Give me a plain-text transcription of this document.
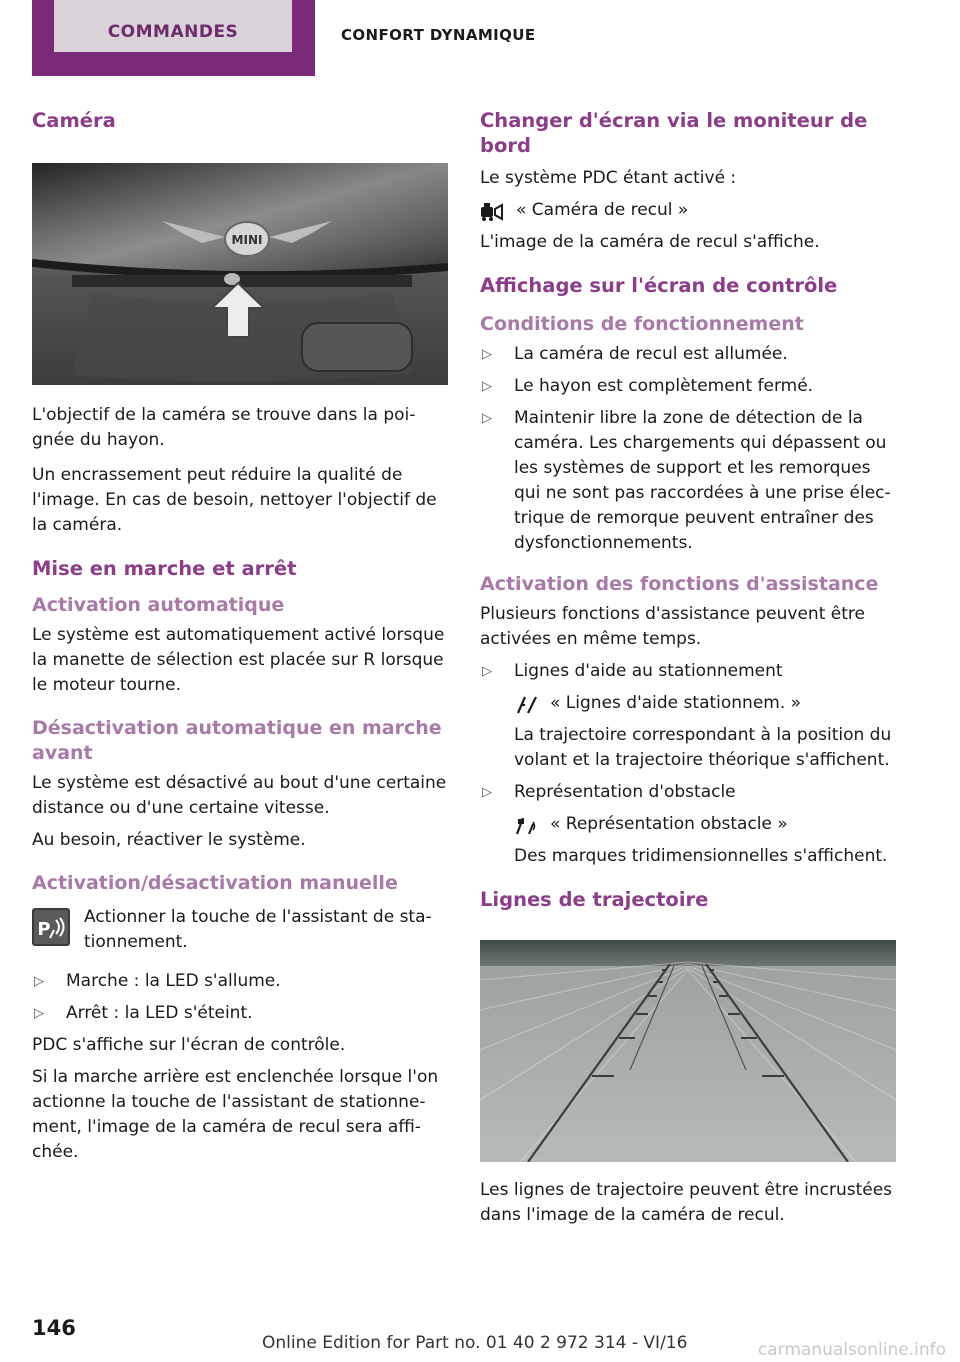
COMMANDES	CONFORT DYNAMIQUE
Caméra
MINI
L'objectif de la caméra se trouve dans la poignée du hayon.
Un encrassement peut réduire la qualité de l'image. En cas de besoin, nettoyer l'objectif de la caméra.
Mise en marche et arrêt
Activation automatique
Le système est automatiquement activé lorsque la manette de sélection est placée sur R lorsque le moteur tourne.
Désactivation automatique en marche avant
Le système est désactivé au bout d'une certaine distance ou d'une certaine vitesse.
Au besoin, réactiver le système.
Activation/désactivation manuelle
P
Actionner la touche de l'assistant de stationnement.
▷ Marche : la LED s'allume.
▷ Arrêt : la LED s'éteint.
PDC s'affiche sur l'écran de contrôle.
Si la marche arrière est enclenchée lorsque l'on actionne la touche de l'assistant de stationnement, l'image de la caméra de recul sera affichée.
Changer d'écran via le moniteur de bord
Le système PDC étant activé :
« Caméra de recul »
L'image de la caméra de recul s'affiche.
Affichage sur l'écran de contrôle
Conditions de fonctionnement
▷ La caméra de recul est allumée.
▷ Le hayon est complètement fermé.
▷ Maintenir libre la zone de détection de la caméra. Les chargements qui dépassent ou les systèmes de support et les remorques qui ne sont pas raccordées à une prise électrique de remorque peuvent entraîner des dysfonctionnements.
Activation des fonctions d'assistance
Plusieurs fonctions d'assistance peuvent être activées en même temps.
▷ Lignes d'aide au stationnement
« Lignes d'aide stationnem. »
La trajectoire correspondant à la position du volant et la trajectoire théorique s'affichent.
▷ Représentation d'obstacle
« Représentation obstacle »
Des marques tridimensionnelles s'affichent.
Lignes de trajectoire
Les lignes de trajectoire peuvent être incrustées dans l'image de la caméra de recul.
146
Online Edition for Part no. 01 40 2 972 314 - VI/16	carmanualsonline.info
